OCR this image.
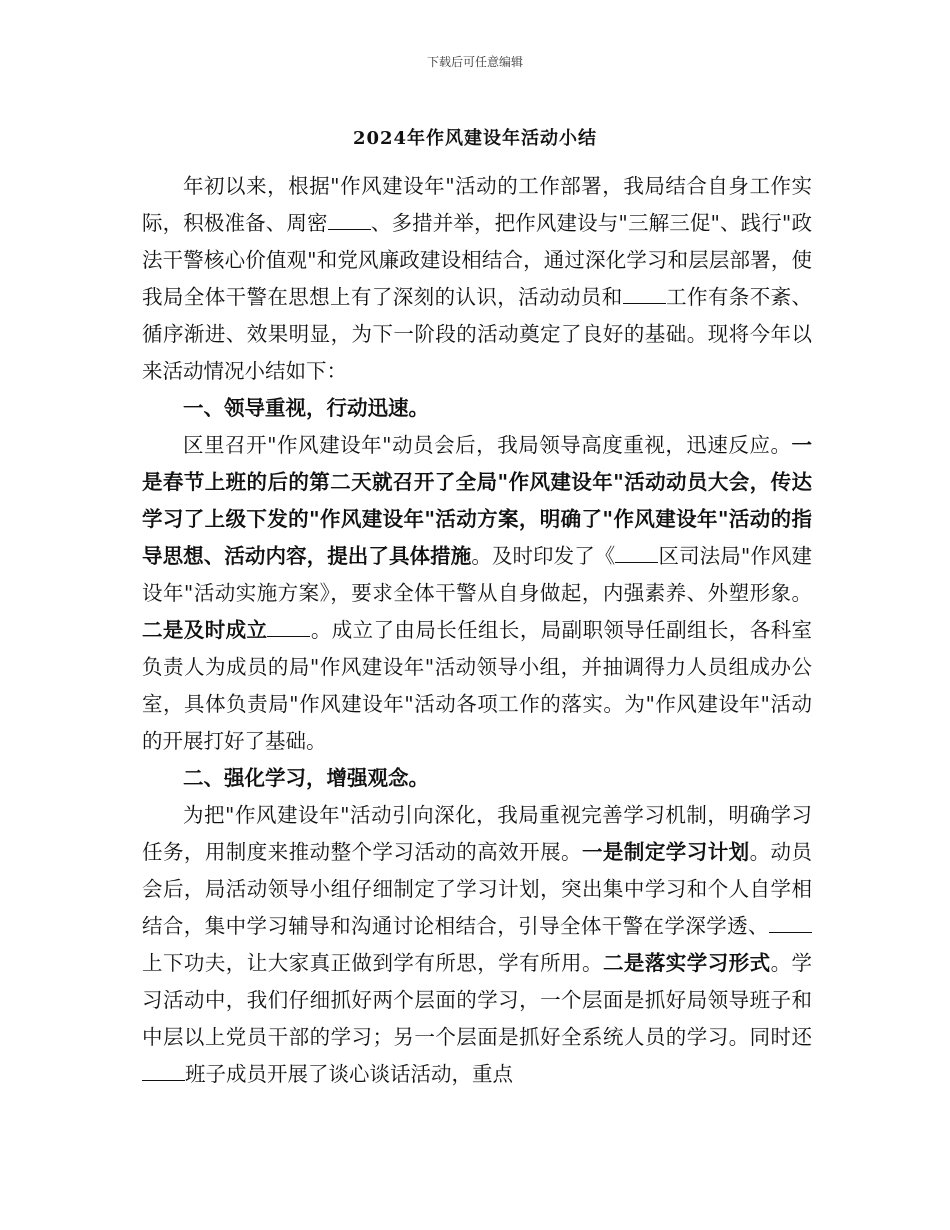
下载后可任意编辑
2024年作风建设年活动小结

年初以来，根据"作风建设年"活动的工作部署，我局结合自身工作实际，积极准备、周密 、多措并举，把作风建设与"三解三促"、践行"政法干警核心价值观"和党风廉政建设相结合，通过深化学习和层层部署，使我局全体干警在思想上有了深刻的认识，活动动员和 工作有条不紊、循序渐进、效果明显，为下一阶段的活动奠定了良好的基础。现将今年以来活动情况小结如下：

一、领导重视，行动迅速。

区里召开"作风建设年"动员会后，我局领导高度重视，迅速反应。一是春节上班的后的第二天就召开了全局"作风建设年"活动动员大会，传达学习了上级下发的"作风建设年"活动方案，明确了"作风建设年"活动的指导思想、活动内容，提出了具体措施。及时印发了《 区司法局"作风建设年"活动实施方案》，要求全体干警从自身做起，内强素养、外塑形象。二是及时成立 。成立了由局长任组长，局副职领导任副组长，各科室负责人为成员的局"作风建设年"活动领导小组，并抽调得力人员组成办公室，具体负责局"作风建设年"活动各项工作的落实。为"作风建设年"活动的开展打好了基础。

二、强化学习，增强观念。

为把"作风建设年"活动引向深化，我局重视完善学习机制，明确学习任务，用制度来推动整个学习活动的高效开展。一是制定学习计划。动员会后，局活动领导小组仔细制定了学习计划，突出集中学习和个人自学相结合，集中学习辅导和沟通讨论相结合，引导全体干警在学深学透、上下功夫，让大家真正做到学有所思，学有所用。二是落实学习形式。学习活动中，我们仔细抓好两个层面的学习，一个层面是抓好局领导班子和中层以上党员干部的学习；另一个层面是抓好全系统人员的学习。同时还班子成员开展了谈心谈话活动，重点
